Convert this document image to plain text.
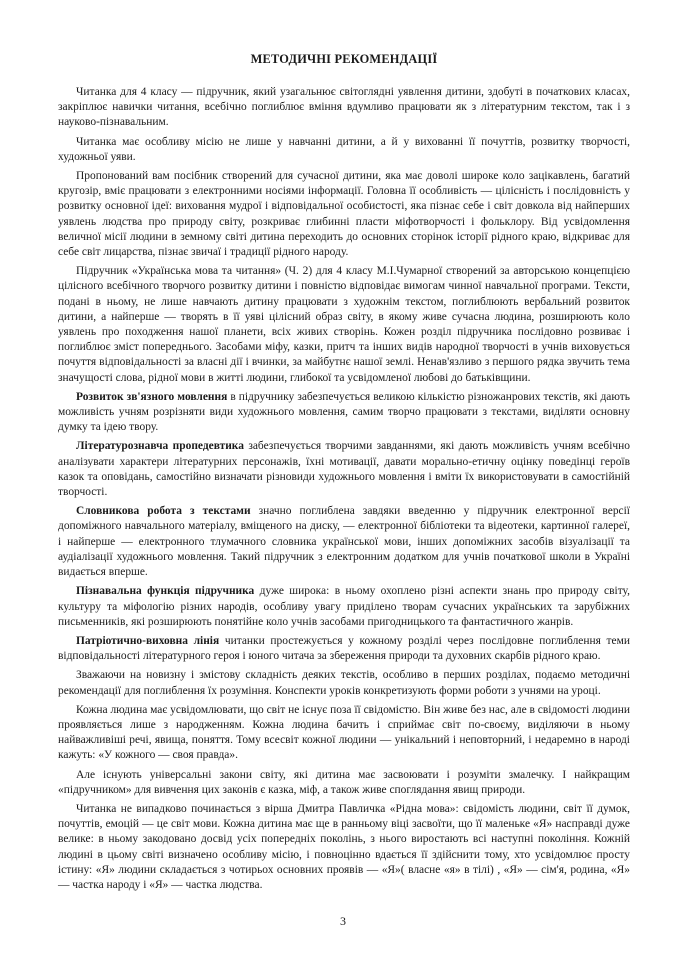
МЕТОДИЧНІ РЕКОМЕНДАЦІЇ

Читанка для 4 класу — підручник, який узагальнює світоглядні уявлення дитини, здобуті в початкових класах, закріплює навички читання, всебічно поглиблює вміння вдумливо працювати як з літературним текстом, так і з науково-пізнавальним.

Читанка має особливу місію не лише у навчанні дитини, а й у вихованні її почуттів, розвитку творчості, художньої уяви.

Пропонований вам посібник створений для сучасної дитини, яка має доволі широке коло зацікавлень, багатий кругозір, вміє працювати з електронними носіями інформації. Головна її особливість — цілісність і послідовність у розвитку основної ідеї: виховання мудрої і відповідальної особистості, яка пізнає себе і світ довкола від найперших уявлень людства про природу світу, розкриває глибинні пласти міфотворчості і фольклору. Від усвідомлення величної місії людини в земному світі дитина переходить до основних сторінок історії рідного краю, відкриває для себе світ лицарства, пізнає звичаї і традиції рідного народу.

Підручник «Українська мова та читання» (Ч. 2) для 4 класу М.І.Чумарної створений за авторською концепцією цілісного всебічного творчого розвитку дитини і повністю відповідає вимогам чинної навчальної програми. Тексти, подані в ньому, не лише навчають дитину працювати з художнім текстом, поглиблюють вербальний розвиток дитини, а найперше — творять в її уяві цілісний образ світу, в якому живе сучасна людина, розширюють коло уявлень про походження нашої планети, всіх живих створінь. Кожен розділ підручника послідовно розвиває і поглиблює зміст попереднього. Засобами міфу, казки, притч та інших видів народної творчості в учнів виховується почуття відповідальності за власні дії і вчинки, за майбутнє нашої землі. Ненав'язливо з першого рядка звучить тема значущості слова, рідної мови в житті людини, глибокої та усвідомленої любові до батьківщини.

Розвиток зв'язного мовлення в підручнику забезпечується великою кількістю різножанрових текстів, які дають можливість учням розрізняти види художнього мовлення, самим творчо працювати з текстами, виділяти основну думку та ідею твору.

Літературознавча пропедевтика забезпечується творчими завданнями, які дають можливість учням всебічно аналізувати характери літературних персонажів, їхні мотивації, давати морально-етичну оцінку поведінці героїв казок та оповідань, самостійно визначати різновиди художнього мовлення і вміти їх використовувати в самостійній творчості.

Словникова робота з текстами значно поглиблена завдяки введенню у підручник електронної версії допоміжного навчального матеріалу, вміщеного на диску, — електронної бібліотеки та відеотеки, картинної галереї, і найперше — електронного тлумачного словника української мови, інших допоміжних засобів візуалізації та аудіалізації художнього мовлення. Такий підручник з електронним додатком для учнів початкової школи в Україні видається вперше.

Пізнавальна функція підручника дуже широка: в ньому охоплено різні аспекти знань про природу світу, культуру та міфологію різних народів, особливу увагу приділено творам сучасних українських та зарубіжних письменників, які розширюють понятійне коло учнів засобами пригодницького та фантастичного жанрів.

Патріотично-виховна лінія читанки простежується у кожному розділі через послідовне поглиблення теми відповідальності літературного героя і юного читача за збереження природи та духовних скарбів рідного краю.

Зважаючи на новизну і змістову складність деяких текстів, особливо в перших розділах, подаємо методичні рекомендації для поглиблення їх розуміння. Конспекти уроків конкретизують форми роботи з учнями на уроці.

Кожна людина має усвідомлювати, що світ не існує поза її свідомістю. Він живе без нас, але в свідомості людини проявляється лише з народженням. Кожна людина бачить і сприймає світ по-своєму, виділяючи в ньому найважливіші речі, явища, поняття. Тому всесвіт кожної людини — унікальний і неповторний, і недаремно в народі кажуть: «У кожного — своя правда».

Але існують універсальні закони світу, які дитина має засвоювати і розуміти змалечку. І найкращим «підручником» для вивчення цих законів є казка, міф, а також живе споглядання явищ природи.

Читанка не випадково починається з вірша Дмитра Павличка «Рідна мова»: свідомість людини, світ її думок, почуттів, емоцій — це світ мови. Кожна дитина має ще в ранньому віці засвоїти, що її маленьке «Я» насправді дуже велике: в ньому закодовано досвід усіх попередніх поколінь, з нього виростають всі наступні покоління. Кожній людині в цьому світі визначено особливу місію, і повноцінно вдається її здійснити тому, хто усвідомлює просту істину: «Я» людини складається з чотирьох основних проявів — «Я»( власне «я» в тілі) , «Я» — сім'я, родина, «Я» — частка народу і «Я» — частка людства.

3
